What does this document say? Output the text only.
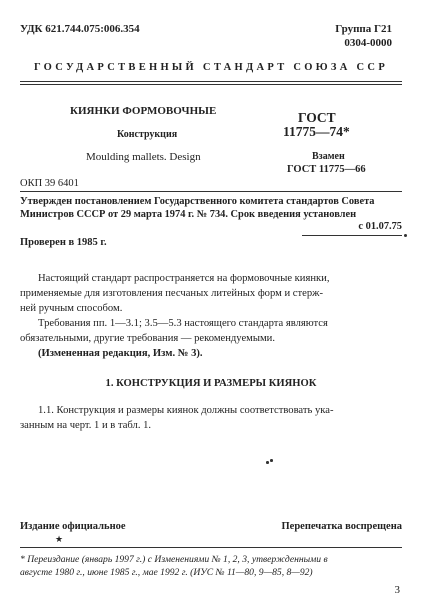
УДК 621.744.075:006.354	Группа Г21
0304-0000
ГОСУДАРСТВЕННЫЙ СТАНДАРТ СОЮЗА ССР
КИЯНКИ ФОРМОВОЧНЫЕ
Конструкция
Moulding mallets. Design
ГОСТ
11775—74*
Взамен
ГОСТ 11775—66
ОКП 39 6401
Утвержден постановлением Государственного комитета стандартов Совета
Министров СССР от 29 марта 1974 г. № 734. Срок введения установлен
с 01.07.75
Проверен в 1985 г.
Настоящий стандарт распространяется на формовочные киянки,
применяемые для изготовления песчаных литейных форм и стерж-
ней ручным способом.
Требования пп. 1—3.1; 3.5—5.3 настоящего стандарта являются
обязательными, другие требования — рекомендуемыми.
(Измененная редакция, Изм. № 3).
1. КОНСТРУКЦИЯ И РАЗМЕРЫ КИЯНОК
1.1. Конструкция и размеры киянок должны соответствовать ука-
занным на черт. 1 и в табл. 1.
Издание официальное	Перепечатка воспрещена
★
* Переиздание (январь 1997 г.) с Изменениями № 1, 2, 3, утвержденными в
августе 1980 г., июне 1985 г., мае 1992 г. (ИУС № 11—80, 9—85, 8—92)
3
